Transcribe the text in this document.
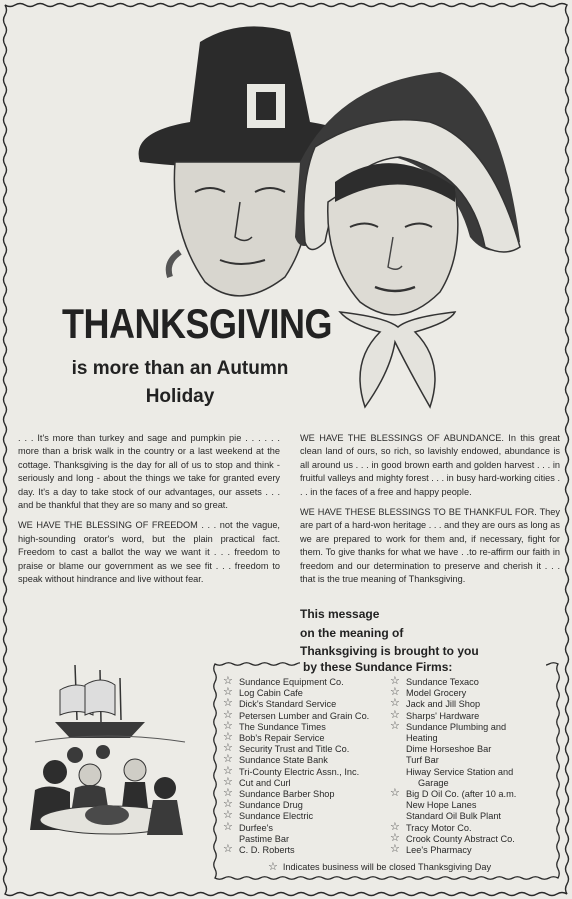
THANKSGIVING
is more than an Autumn
Holiday

. . . It's more than turkey and sage and pumpkin pie . . . . . . more than a brisk walk in the country or a last weekend at the cottage. Thanksgiving is the day for all of us to stop and think - seriously and long - about the things we take for granted every day. It's a day to take stock of our advantages, our assets . . . and be thankful that they are so many and so great.

WE HAVE THE BLESSING OF FREEDOM . . . not the vague, high-sounding orator's word, but the plain practical fact. Freedom to cast a ballot the way we want it . . . freedom to praise or blame our government as we see fit . . . freedom to speak without hindrance and live without fear.

WE HAVE THE BLESSINGS OF ABUNDANCE. In this great clean land of ours, so rich, so lavishly endowed, abundance is all around us . . . in good brown earth and golden harvest . . . in fruitful valleys and mighty forest . . . in busy hard-working cities . . . in the faces of a free and happy people.

WE HAVE THESE BLESSINGS TO BE THANKFUL FOR. They are part of a hard-won heritage . . . and they are ours as long as we are prepared to work for them and, if necessary, fight for them. To give thanks for what we have . .to re-affirm our faith in freedom and our determination to preserve and cherish it . . . that is the true meaning of Thanksgiving.

This message
on the meaning of
Thanksgiving is brought to you
by these Sundance Firms:
☆ Sundance Equipment Co.
☆ Log Cabin Cafe
☆ Dick's Standard Service
☆ Petersen Lumber and Grain Co.
☆ The Sundance Times
☆ Bob's Repair Service
☆ Security Trust and Title Co.
☆ Sundance State Bank
☆ Tri-County Electric Assn., Inc.
☆ Cut and Curl
☆ Sundance Barber Shop
☆ Sundance Drug
☆ Sundance Electric
☆ Durfee's
Pastime Bar
☆ C. D. Roberts
☆ Sundance Texaco
☆ Model Grocery
☆ Jack and Jill Shop
☆ Sharps' Hardware
☆ Sundance Plumbing and
Heating
Dime Horseshoe Bar
Turf Bar
Hiway Service Station and
Garage
☆ Big D Oil Co. (after 10 a.m.
New Hope Lanes
Standard Oil Bulk Plant
☆ Tracy Motor Co.
☆ Crook County Abstract Co.
☆ Lee's Pharmacy
☆ Indicates business will be closed Thanksgiving Day
